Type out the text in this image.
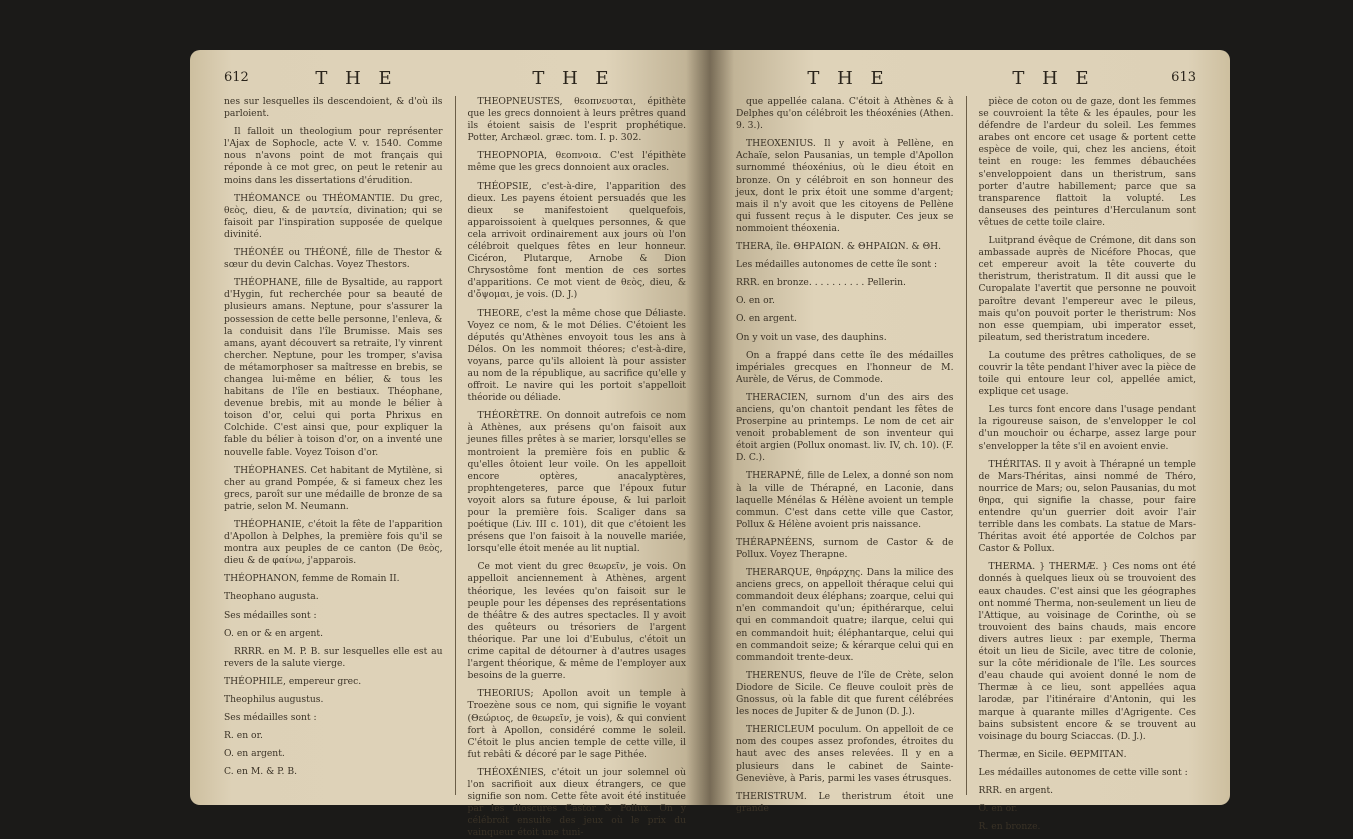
612	T H E	T H E

nes sur lesquelles ils descendoient, & d'où ils parloient.

Il falloit un theologium pour représenter l'Ajax de Sophocle, acte V. v. 1540. Comme nous n'avons point de mot français qui réponde à ce mot grec, on peut le retenir au moins dans les dissertations d'érudition.

THÉOMANCE ou THÉOMANTIE. Du grec, θεὸς, dieu, & de μαντεία, divination; qui se faisoit par l'inspiration supposée de quelque divinité.

THÉONÉE ou THÉONÉ, fille de Thestor & sœur du devin Calchas. Voyez Thestors.

THÉOPHANE, fille de Bysaltide, au rapport d'Hygin, fut recherchée pour sa beauté de plusieurs amans. Neptune, pour s'assurer la possession de cette belle personne, l'enleva, & la conduisit dans l'île Brumisse. Mais ses amans, ayant découvert sa retraite, l'y vinrent chercher. Neptune, pour les tromper, s'avisa de métamorphoser sa maîtresse en brebis, se changea lui-même en bélier, & tous les habitans de l'île en bestiaux. Théophane, devenue brebis, mit au monde le bélier à toison d'or, celui qui porta Phrixus en Colchide. C'est ainsi que, pour expliquer la fable du bélier à toison d'or, on a inventé une nouvelle fable. Voyez Toison d'or.

THÉOPHANES. Cet habitant de Mytilène, si cher au grand Pompée, & si fameux chez les grecs, paroît sur une médaille de bronze de sa patrie, selon M. Neumann.

THÉOPHANIE, c'étoit la fête de l'apparition d'Apollon à Delphes, la première fois qu'il se montra aux peuples de ce canton (De θεὸς, dieu & de φαίνω, j'apparois.

THÉOPHANON, femme de Romain II.

Theophano augusta.

Ses médailles sont :

O. en or & en argent.

RRRR. en M. P. B. sur lesquelles elle est au revers de la salute vierge.

THÉOPHILE, empereur grec.

Theophilus augustus.

Ses médailles sont :

R. en or.

O. en argent.

C. en M. & P. B.

THEOPNEUSTES, θεοπνευσται, épithète que les grecs donnoient à leurs prêtres quand ils étoient saisis de l'esprit prophétique. Potter, Archæol. græc. tom. I. p. 302.

THEOPNOPIA, θεοπνοια. C'est l'épithète même que les grecs donnoient aux oracles.

THÉOPSIE, c'est-à-dire, l'apparition des dieux. Les payens étoient persuadés que les dieux se manifestoient quelquefois, apparoissoient à quelques personnes, & que cela arrivoit ordinairement aux jours où l'on célébroit quelques fêtes en leur honneur. Cicéron, Plutarque, Arnobe & Dion Chrysostôme font mention de ces sortes d'apparitions. Ce mot vient de θεὸς, dieu, & d'ὄψομαι, je vois. (D. J.)

THEORE, c'est la même chose que Déliaste. Voyez ce nom, & le mot Délies. C'étoient les députés qu'Athènes envoyoit tous les ans à Délos. On les nommoit théores; c'est-à-dire, voyans, parce qu'ils alloient là pour assister au nom de la république, au sacrifice qu'elle y offroit. Le navire qui les portoit s'appelloit théoride ou déliade.

THÉORÈTRE. On donnoit autrefois ce nom à Athènes, aux présens qu'on faisoit aux jeunes filles prêtes à se marier, lorsqu'elles se montroient la première fois en public & qu'elles ôtoient leur voile. On les appelloit encore optères, anacalyptères, prophtengeteres, parce que l'époux futur voyoit alors sa future épouse, & lui parloit pour la première fois. Scaliger dans sa poétique (Liv. III c. 101), dit que c'étoient les présens que l'on faisoit à la nouvelle mariée, lorsqu'elle étoit menée au lit nuptial.

Ce mot vient du grec θεωρεῖν, je vois. On appelloit anciennement à Athènes, argent théorique, les levées qu'on faisoit sur le peuple pour les dépenses des représentations de théâtre & des autres spectacles. Il y avoit des quêteurs ou trésoriers de l'argent théorique. Par une loi d'Eubulus, c'étoit un crime capital de détourner à d'autres usages l'argent théorique, & même de l'employer aux besoins de la guerre.

THEORIUS; Apollon avoit un temple à Troezène sous ce nom, qui signifie le voyant (Θεώριος, de θεωρεῖν, je vois), & qui convient fort à Apollon, considéré comme le soleil. C'étoit le plus ancien temple de cette ville, il fut rebâti & décoré par le sage Pithée.

THÉOXÉNIES, c'étoit un jour solemnel où l'on sacrifioit aux dieux étrangers, ce que signifie son nom. Cette fête avoit été instituée par les dioscures Castor & Pollux. On y célébroit ensuite des jeux où le prix du vainqueur étoit une tuni-

T H E	T H E	613

que appellée calana. C'étoit à Athènes & à Delphes qu'on célébroit les théoxénies (Athen. 9. 3.).

THEOXENIUS. Il y avoit à Pellène, en Achaïe, selon Pausanias, un temple d'Apollon surnommé théoxénius, où le dieu étoit en bronze. On y célébroit en son honneur des jeux, dont le prix étoit une somme d'argent; mais il n'y avoit que les citoyens de Pellène qui fussent reçus à le disputer. Ces jeux se nommoient théoxenia.

THERA, île. ΘΗΡΑΙΩΝ. & ΘΗΡΑΙΩΝ. & ΘΗ.

Les médailles autonomes de cette île sont :

RRR. en bronze. . . . . . . . . . Pellerin.

O. en or.

O. en argent.

On y voit un vase, des dauphins.

On a frappé dans cette île des médailles impériales grecques en l'honneur de M. Aurèle, de Vérus, de Commode.

THERACIEN, surnom d'un des airs des anciens, qu'on chantoit pendant les fêtes de Proserpine au printemps. Le nom de cet air venoit probablement de son inventeur qui étoit argien (Pollux onomast. liv. IV, ch. 10). (F. D. C.).

THERAPNÉ, fille de Lelex, a donné son nom à la ville de Thérapné, en Laconie, dans laquelle Ménélas & Hélène avoient un temple commun. C'est dans cette ville que Castor, Pollux & Hélène avoient pris naissance.

THÉRAPNÉENS, surnom de Castor & de Pollux. Voyez Therapne.

THERARQUE, θηράρχης. Dans la milice des anciens grecs, on appelloit théraque celui qui commandoit deux éléphans; zoarque, celui qui n'en commandoit qu'un; épithérarque, celui qui en commandoit quatre; ilarque, celui qui en commandoit huit; éléphantarque, celui qui en commandoit seize; & kérarque celui qui en commandoit trente-deux.

THERENUS, fleuve de l'île de Crète, selon Diodore de Sicile. Ce fleuve couloit près de Gnossus, où la fable dit que furent célébrées les noces de Jupiter & de Junon (D. J.).

THERICLEUM poculum. On appelloit de ce nom des coupes assez profondes, étroites du haut avec des anses relevées. Il y en a plusieurs dans le cabinet de Sainte-Geneviève, à Paris, parmi les vases étrusques.

THERISTRUM. Le theristrum étoit une grande

pièce de coton ou de gaze, dont les femmes se couvroient la tête & les épaules, pour les défendre de l'ardeur du soleil. Les femmes arabes ont encore cet usage & portent cette espèce de voile, qui, chez les anciens, étoit teint en rouge: les femmes débauchées s'enveloppoient dans un theristrum, sans porter d'autre habillement; parce que sa transparence flattoit la volupté. Les danseuses des peintures d'Herculanum sont vêtues de cette toile claire.

Luitprand évêque de Crémone, dit dans son ambassade auprès de Nicéfore Phocas, que cet empereur avoit la tête couverte du theristrum, theristratum. Il dit aussi que le Curopalate l'avertit que personne ne pouvoit paroître devant l'empereur avec le pileus, mais qu'on pouvoit porter le theristrum: Nos non esse quempiam, ubi imperator esset, pileatum, sed theristratum incedere.

La coutume des prêtres catholiques, de se couvrir la tête pendant l'hiver avec la pièce de toile qui entoure leur col, appellée amict, explique cet usage.

Les turcs font encore dans l'usage pendant la rigoureuse saison, de s'envelopper le col d'un mouchoir ou écharpe, assez large pour s'envelopper la tête s'il en avoient envie.

THÉRITAS. Il y avoit à Thérapné un temple de Mars-Théritas, ainsi nommé de Théro, nourrice de Mars; ou, selon Pausanias, du mot θηρα, qui signifie la chasse, pour faire entendre qu'un guerrier doit avoir l'air terrible dans les combats. La statue de Mars-Théritas avoit été apportée de Colchos par Castor & Pollux.

THERMA. } THERMÆ. } Ces noms ont été donnés à quelques lieux où se trouvoient des eaux chaudes. C'est ainsi que les géographes ont nommé Therma, non-seulement un lieu de l'Attique, au voisinage de Corinthe, où se trouvoient des bains chauds, mais encore divers autres lieux : par exemple, Therma étoit un lieu de Sicile, avec titre de colonie, sur la côte méridionale de l'île. Les sources d'eau chaude qui avoient donné le nom de Thermæ à ce lieu, sont appellées aqua larodæ, par l'itinéraire d'Antonin, qui les marque à quarante milles d'Agrigente. Ces bains subsistent encore & se trouvent au voisinage du bourg Sciaccas. (D. J.).

Thermæ, en Sicile. ΘΕΡΜΙΤΑΝ.

Les médailles autonomes de cette ville sont :

RRR. en argent.

O. en or.

R. en bronze.
